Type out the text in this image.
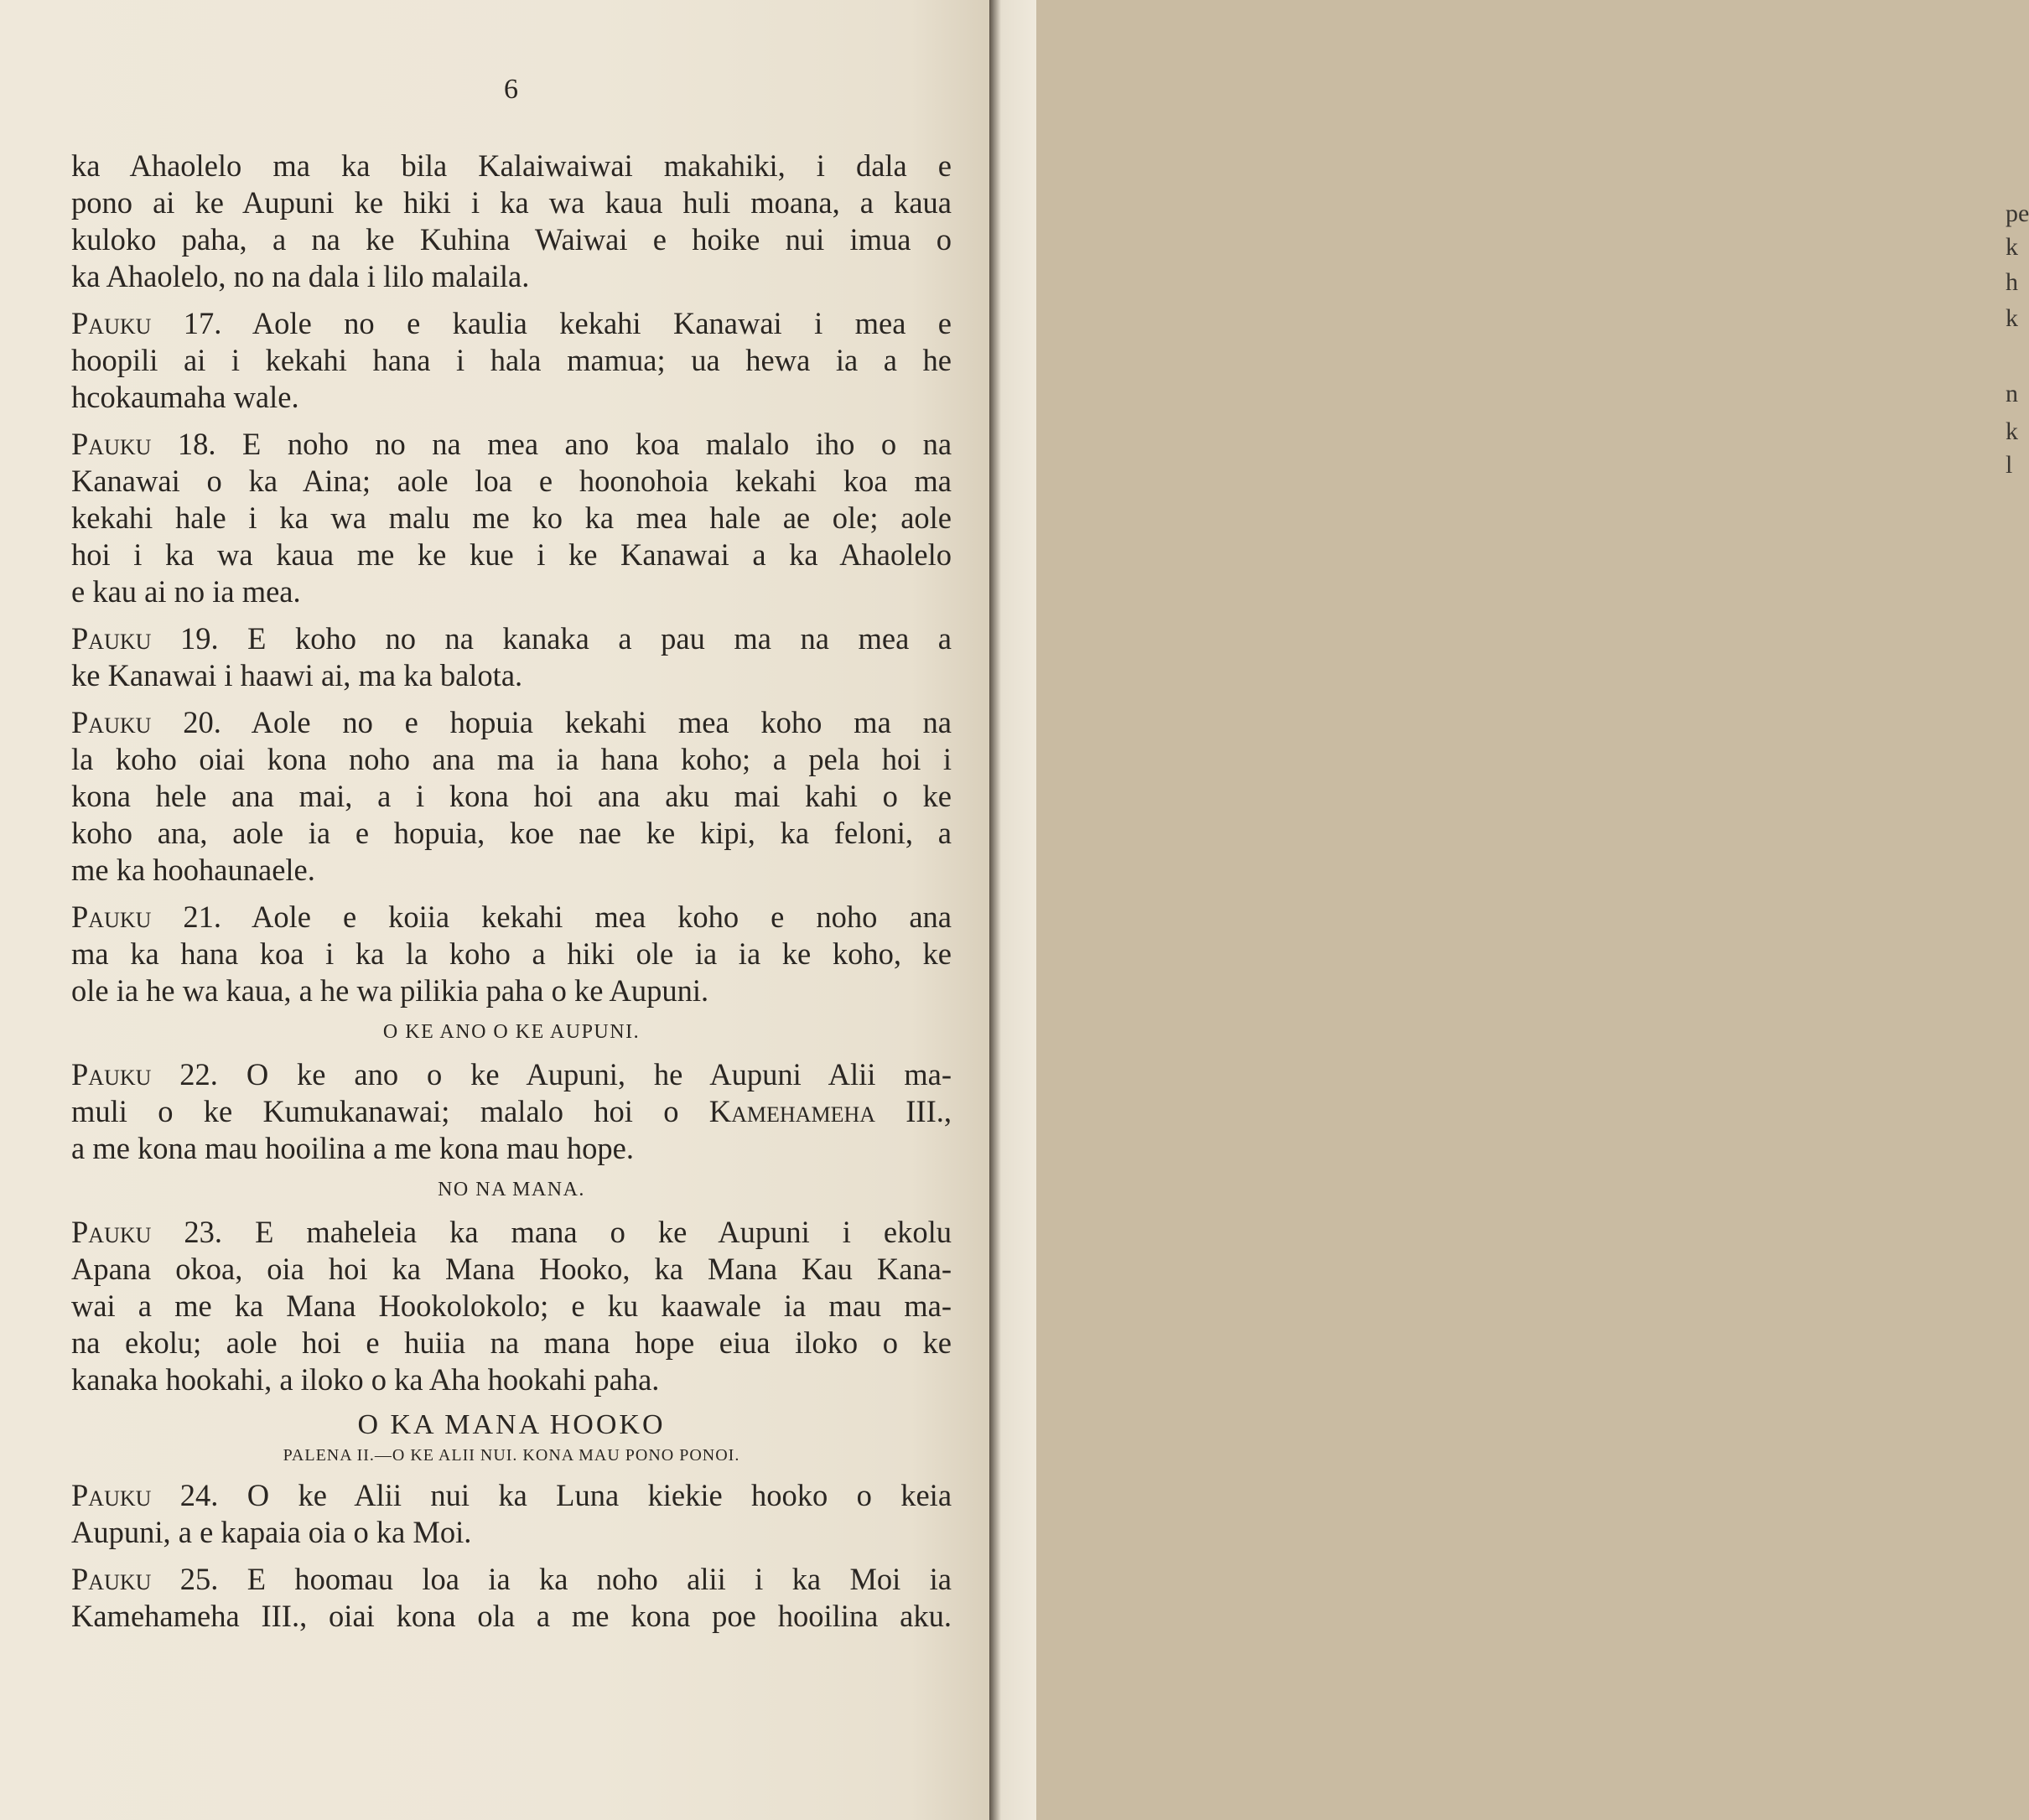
6
ka Ahaolelo ma ka bila Kalaiwaiwai makahiki, i dala e
pono ai ke Aupuni ke hiki i ka wa kaua huli moana, a kaua
kuloko paha, a na ke Kuhina Waiwai e hoike nui imua o
ka Ahaolelo, no na dala i lilo malaila.
Pauku 17. Aole no e kaulia kekahi Kanawai i mea e
hoopili ai i kekahi hana i hala mamua; ua hewa ia a he
hcokaumaha wale.
Pauku 18. E noho no na mea ano koa malalo iho o na
Kanawai o ka Aina; aole loa e hoonohoia kekahi koa ma
kekahi hale i ka wa malu me ko ka mea hale ae ole; aole
hoi i ka wa kaua me ke kue i ke Kanawai a ka Ahaolelo
e kau ai no ia mea.
Pauku 19. E koho no na kanaka a pau ma na mea a
ke Kanawai i haawi ai, ma ka balota.
Pauku 20. Aole no e hopuia kekahi mea koho ma na
la koho oiai kona noho ana ma ia hana koho; a pela hoi i
kona hele ana mai, a i kona hoi ana aku mai kahi o ke
koho ana, aole ia e hopuia, koe nae ke kipi, ka feloni, a
me ka hoohaunaele.
Pauku 21. Aole e koiia kekahi mea koho e noho ana
ma ka hana koa i ka la koho a hiki ole ia ia ke koho, ke
ole ia he wa kaua, a he wa pilikia paha o ke Aupuni.
O KE ANO O KE AUPUNI.
Pauku 22. O ke ano o ke Aupuni, he Aupuni Alii ma-
muli o ke Kumukanawai; malalo hoi o Kamehameha III.,
a me kona mau hooilina a me kona mau hope.
NO NA MANA.
Pauku 23. E maheleia ka mana o ke Aupuni i ekolu
Apana okoa, oia hoi ka Mana Hooko, ka Mana Kau Kana-
wai a me ka Mana Hookolokolo; e ku kaawale ia mau ma-
na ekolu; aole hoi e huiia na mana hope eiua iloko o ke
kanaka hookahi, a iloko o ka Aha hookahi paha.
O KA MANA HOOKO
PALENA II.—O KE ALII NUI. KONA MAU PONO PONOI.
Pauku 24. O ke Alii nui ka Luna kiekie hooko o keia
Aupuni, a e kapaia oia o ka Moi.
Pauku 25. E hoomau loa ia ka noho alii i ka Moi ia
Kamehameha III., oiai kona ola a me kona poe hooilina aku.
pe
k
h
k
n
k
l
